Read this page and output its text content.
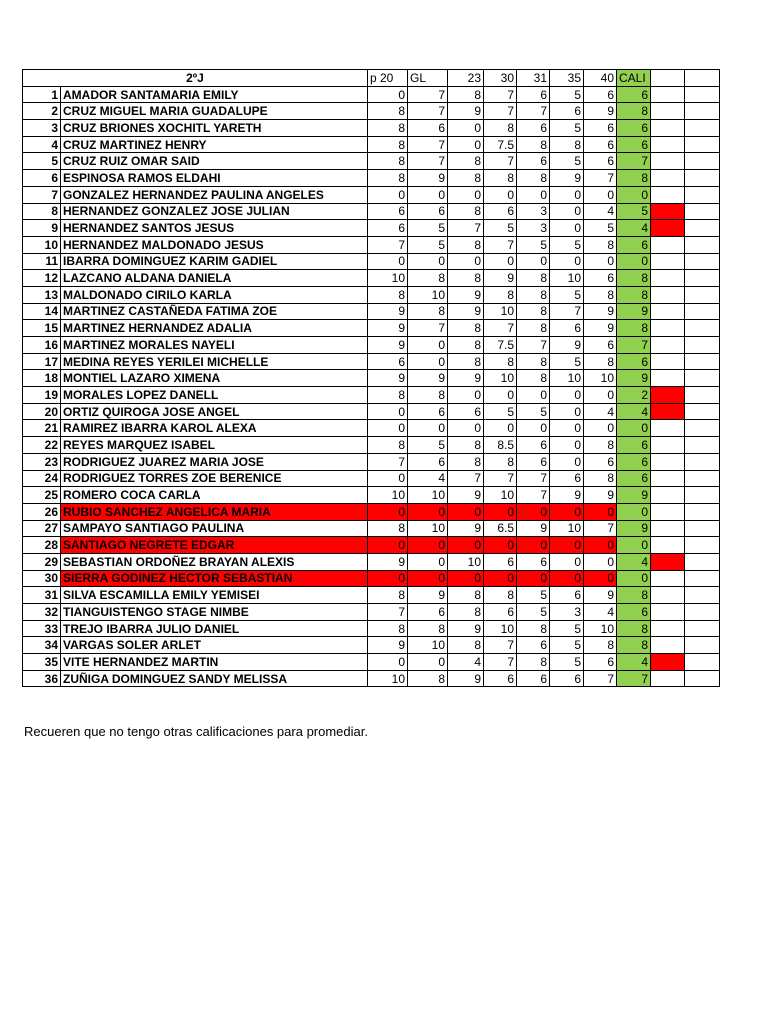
2ºJ		p 20	GL	23	30	31	35	40	CALI		
1	AMADOR SANTAMARIA EMILY	0	7	8	7	6	5	6	6		
2	CRUZ MIGUEL MARIA GUADALUPE	8	7	9	7	7	6	9	8		
3	CRUZ BRIONES XOCHITL YARETH	8	6	0	8	6	5	6	6		
4	CRUZ MARTINEZ HENRY	8	7	0	7.5	8	8	6	6		
5	CRUZ RUIZ OMAR SAID	8	7	8	7	6	5	6	7		
6	ESPINOSA RAMOS ELDAHI	8	9	8	8	8	9	7	8		
7	GONZALEZ HERNANDEZ PAULINA ANGELES	0	0	0	0	0	0	0	0		
8	HERNANDEZ GONZALEZ JOSE JULIAN	6	6	8	6	3	0	4	5		
9	HERNANDEZ SANTOS JESUS	6	5	7	5	3	0	5	4		
10	HERNANDEZ MALDONADO JESUS	7	5	8	7	5	5	8	6		
11	IBARRA DOMINGUEZ KARIM GADIEL	0	0	0	0	0	0	0	0		
12	LAZCANO ALDANA DANIELA	10	8	8	9	8	10	6	8		
13	MALDONADO CIRILO KARLA	8	10	9	8	8	5	8	8		
14	MARTINEZ CASTAÑEDA FATIMA ZOE	9	8	9	10	8	7	9	9		
15	MARTINEZ HERNANDEZ ADALIA	9	7	8	7	8	6	9	8		
16	MARTINEZ MORALES NAYELI	9	0	8	7.5	7	9	6	7		
17	MEDINA REYES YERILEI MICHELLE	6	0	8	8	8	5	8	6		
18	MONTIEL LAZARO XIMENA	9	9	9	10	8	10	10	9		
19	MORALES LOPEZ DANELL	8	8	0	0	0	0	0	2		
20	ORTIZ QUIROGA JOSE ANGEL	0	6	6	5	5	0	4	4		
21	RAMIREZ IBARRA KAROL ALEXA	0	0	0	0	0	0	0	0		
22	REYES MARQUEZ ISABEL	8	5	8	8.5	6	0	8	6		
23	RODRIGUEZ JUAREZ MARIA JOSE	7	6	8	8	6	0	6	6		
24	RODRIGUEZ TORRES ZOE BERENICE	0	4	7	7	7	6	8	6		
25	ROMERO COCA CARLA	10	10	9	10	7	9	9	9		
26	RUBIO SANCHEZ ANGELICA MARIA	0	0	0	0	0	0	0	0		
27	SAMPAYO SANTIAGO PAULINA	8	10	9	6.5	9	10	7	9		
28	SANTIAGO NEGRETE EDGAR	0	0	0	0	0	0	0	0		
29	SEBASTIAN ORDOÑEZ BRAYAN ALEXIS	9	0	10	6	6	0	0	4		
30	SIERRA GODINEZ HECTOR SEBASTIAN	0	0	0	0	0	0	0	0		
31	SILVA ESCAMILLA EMILY YEMISEI	8	9	8	8	5	6	9	8		
32	TIANGUISTENGO STAGE NIMBE	7	6	8	6	5	3	4	6		
33	TREJO IBARRA JULIO DANIEL	8	8	9	10	8	5	10	8		
34	VARGAS SOLER ARLET	9	10	8	7	6	5	8	8		
35	VITE HERNANDEZ MARTIN	0	0	4	7	8	5	6	4		
36	ZUÑIGA DOMINGUEZ SANDY MELISSA	10	8	9	6	6	6	7	7		
Recueren que no tengo otras calificaciones para promediar.
